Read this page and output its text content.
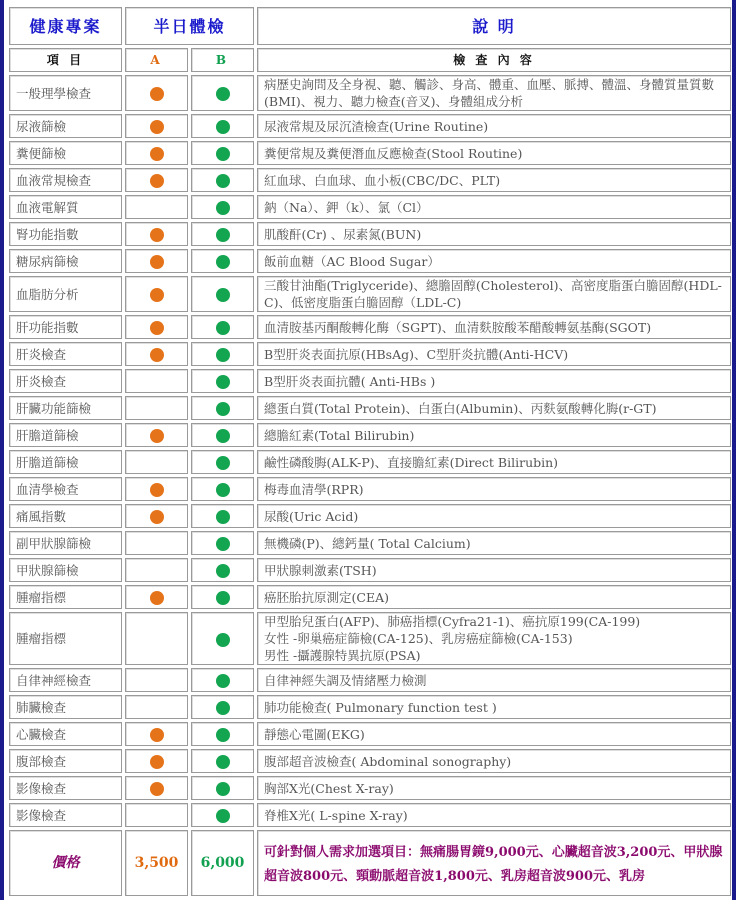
健康專案	半日體檢		說 明
項 目	A	B	檢 查 內 容
一般理學檢查			病歷史詢問及全身視、聽、觸診、身高、體重、血壓、脈搏、體溫、身體質量質數(BMI)、視力、聽力檢查(音叉)、身體組成分析
尿液篩檢			尿液常規及尿沉渣檢查(Urine Routine)
糞便篩檢			糞便常規及糞便潛血反應檢查(Stool Routine)
血液常規檢查			紅血球、白血球、血小板(CBC/DC、PLT)
血液電解質			鈉（Na）、鉀（k）、氯（Cl）
腎功能指數			肌酸酐(Cr) 、尿素氮(BUN)
糖尿病篩檢			飯前血糖（AC Blood Sugar）
血脂肪分析			三酸甘油酯(Triglyceride)、總膽固醇(Cholesterol)、高密度脂蛋白膽固醇(HDL-C)、低密度脂蛋白膽固醇（LDL-C)
肝功能指數			血清胺基丙酮酸轉化酶（SGPT)、血清麩胺酸苯醋酸轉氨基酶(SGOT)
肝炎檢查			B型肝炎表面抗原(HBsAg)、C型肝炎抗體(Anti-HCV)
肝炎檢查			B型肝炎表面抗體( Anti-HBs )
肝臟功能篩檢			總蛋白質(Total Protein)、白蛋白(Albumin)、丙麩氨酸轉化脢(r-GT)
肝膽道篩檢			總膽紅素(Total Bilirubin)
肝膽道篩檢			鹼性磷酸脢(ALK-P)、直接膽紅素(Direct Bilirubin)
血清學檢查			梅毒血清學(RPR)
痛風指數			尿酸(Uric Acid)
副甲狀腺篩檢			無機磷(P)、總鈣量( Total Calcium)
甲狀腺篩檢			甲狀腺刺激素(TSH)
腫瘤指標			癌胚胎抗原測定(CEA)
腫瘤指標			甲型胎兒蛋白(AFP)、肺癌指標(Cyfra21-1)、癌抗原199(CA-199)
女性 -卵巢癌症篩檢(CA-125)、乳房癌症篩檢(CA-153)
男性 -攝護腺特異抗原(PSA)
自律神經檢查			自律神經失調及情緒壓力檢測
肺臟檢查			肺功能檢查( Pulmonary function test )
心臟檢查			靜態心電圖(EKG)
腹部檢查			腹部超音波檢查( Abdominal sonography)
影像檢查			胸部X光(Chest X-ray)
影像檢查			脊椎X光( L-spine X-ray)
價格	3,500	6,000	可針對個人需求加選項目：無痛腸胃鏡9,000元、心臟超音波3,200元、甲狀腺超音波800元、頸動脈超音波1,800元、乳房超音波900元、乳房
